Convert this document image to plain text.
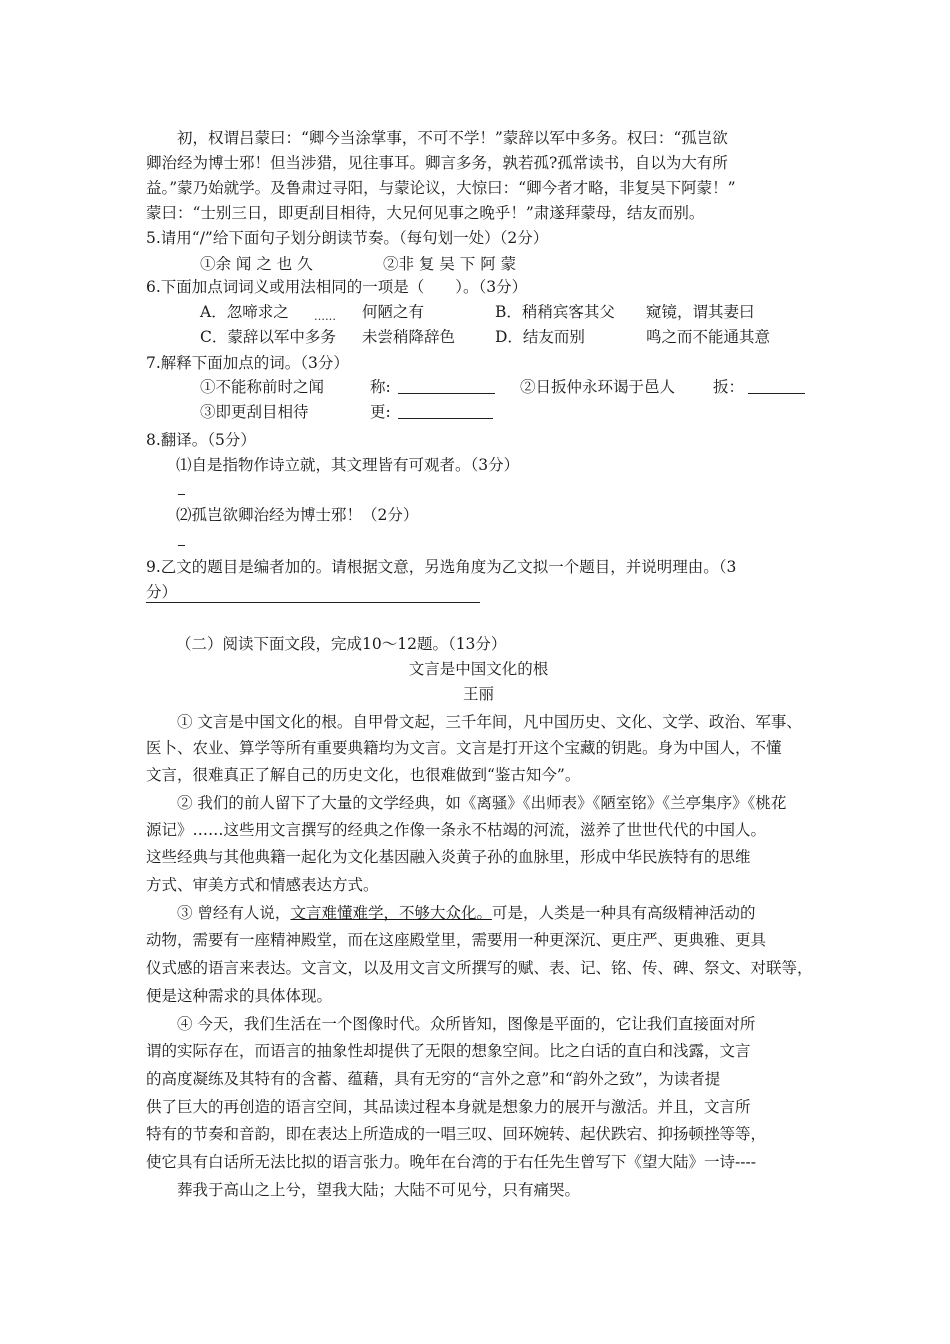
初，权谓吕蒙曰：“卿今当涂掌事，不可不学！”蒙辞以军中多务。权曰：“孤岂欲
卿治经为博士邪！但当涉猎，见往事耳。卿言多务，孰若孤?孤常读书，自以为大有所
益。”蒙乃始就学。及鲁肃过寻阳，与蒙论议，大惊曰：“卿今者才略，非复吴下阿蒙！”
蒙曰：“士别三日，即更刮目相待，大兄何见事之晚乎！”肃遂拜蒙母，结友而别。
5.请用“/”给下面句子划分朗读节奏。（每句划一处）（2分）
①余 闻 之 也 久	②非 复 吴 下 阿 蒙
6.下面加点词词义或用法相同的一项是（　　）。（3分）
A．忽啼求之 …… 何陋之有	B．稍稍宾客其父 窥镜，谓其妻曰
C．蒙辞以军中多务 未尝稍降辞色	D．结友而别	鸣之而不能通其意
7.解释下面加点的词。（3分）
①不能称前时之闻	称:	②日扳仲永环谒于邑人 扳：
③即更刮目相待	更:
8.翻译。（5分）
⑴自是指物作诗立就，其文理皆有可观者。（3分）
⑵孤岂欲卿治经为博士邪！（2分）
9.乙文的题目是编者加的。请根据文意，另选角度为乙文拟一个题目，并说明理由。（3
分）
（二）阅读下面文段，完成10～12题。（13分）
文言是中国文化的根
王丽
① 文言是中国文化的根。自甲骨文起，三千年间，凡中国历史、文化、文学、政治、军事、
医卜、农业、算学等所有重要典籍均为文言。文言是打开这个宝藏的钥匙。身为中国人，不懂
文言，很难真正了解自己的历史文化，也很难做到“鉴古知今”。
② 我们的前人留下了大量的文学经典，如《离骚》《出师表》《陋室铭》《兰亭集序》《桃花
源记》……这些用文言撰写的经典之作像一条永不枯竭的河流，滋养了世世代代的中国人。
这些经典与其他典籍一起化为文化基因融入炎黄子孙的血脉里，形成中华民族特有的思维
方式、审美方式和情感表达方式。
③ 曾经有人说，文言难懂难学，不够大众化。可是，人类是一种具有高级精神活动的
动物，需要有一座精神殿堂，而在这座殿堂里，需要用一种更深沉、更庄严、更典雅、更具
仪式感的语言来表达。文言文，以及用文言文所撰写的赋、表、记、铭、传、碑、祭文、对联等，
便是这种需求的具体体现。
④ 今天，我们生活在一个图像时代。众所皆知，图像是平面的，它让我们直接面对所
谓的实际存在，而语言的抽象性却提供了无限的想象空间。比之白话的直白和浅露，文言
的高度凝练及其特有的含蓄、蕴藉，具有无穷的“言外之意”和“韵外之致”，为读者提
供了巨大的再创造的语言空间，其品读过程本身就是想象力的展开与激活。并且，文言所
特有的节奏和音韵，即在表达上所造成的一唱三叹、回环婉转、起伏跌宕、抑扬顿挫等等，
使它具有白话所无法比拟的语言张力。晚年在台湾的于右任先生曾写下《望大陆》一诗----
葬我于高山之上兮，望我大陆；大陆不可见兮，只有痛哭。
